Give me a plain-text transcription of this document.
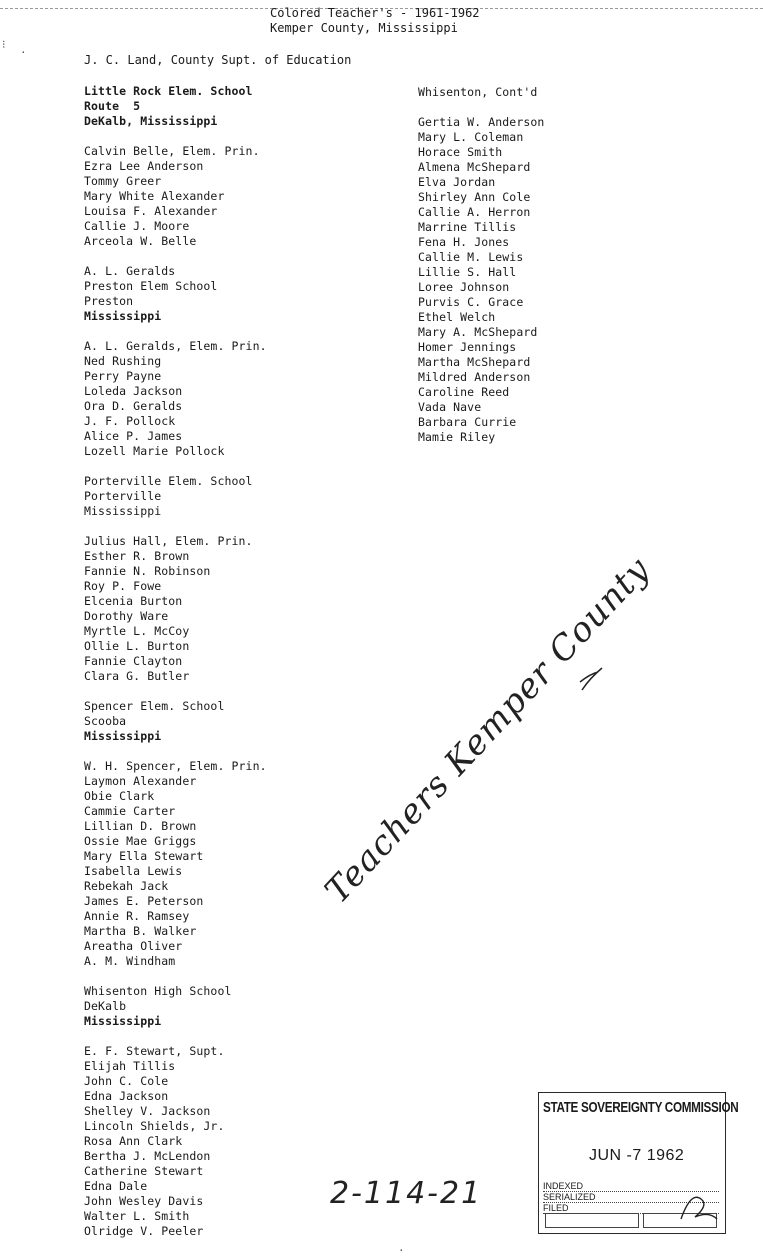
Colored Teacher's - 1961-1962
Kemper County, Mississippi
J. C. Land, County Supt. of Education
Little Rock Elem. School
Route  5
DeKalb, Mississippi
Calvin Belle, Elem. Prin.
Ezra Lee Anderson
Tommy Greer
Mary White Alexander
Louisa F. Alexander
Callie J. Moore
Arceola W. Belle
A. L. Geralds
Preston Elem School
Preston
Mississippi
A. L. Geralds, Elem. Prin.
Ned Rushing
Perry Payne
Loleda Jackson
Ora D. Geralds
J. F. Pollock
Alice P. James
Lozell Marie Pollock
Porterville Elem. School
Porterville
Mississippi
Julius Hall, Elem. Prin.
Esther R. Brown
Fannie N. Robinson
Roy P. Fowe
Elcenia Burton
Dorothy Ware
Myrtle L. McCoy
Ollie L. Burton
Fannie Clayton
Clara G. Butler
Spencer Elem. School
Scooba
Mississippi
W. H. Spencer, Elem. Prin.
Laymon Alexander
Obie Clark
Cammie Carter
Lillian D. Brown
Ossie Mae Griggs
Mary Ella Stewart
Isabella Lewis
Rebekah Jack
James E. Peterson
Annie R. Ramsey
Martha B. Walker
Areatha Oliver
A. M. Windham
Whisenton High School
DeKalb
Mississippi
E. F. Stewart, Supt.
Elijah Tillis
John C. Cole
Edna Jackson
Shelley V. Jackson
Lincoln Shields, Jr.
Rosa Ann Clark
Bertha J. McLendon
Catherine Stewart
Edna Dale
John Wesley Davis
Walter L. Smith
Olridge V. Peeler
Whisenton, Cont'd
Gertia W. Anderson
Mary L. Coleman
Horace Smith
Almena McShepard
Elva Jordan
Shirley Ann Cole
Callie A. Herron
Marrine Tillis
Fena H. Jones
Callie M. Lewis
Lillie S. Hall
Loree Johnson
Purvis C. Grace
Ethel Welch
Mary A. McShepard
Homer Jennings
Martha McShepard
Mildred Anderson
Caroline Reed
Vada Nave
Barbara Currie
Mamie Riley
Teachers Kemper County
2-114-21
STATE SOVEREIGNTY COMMISSION
JUN -7 1962
INDEXED
SERIALIZED
FILED
⁝
·
·
